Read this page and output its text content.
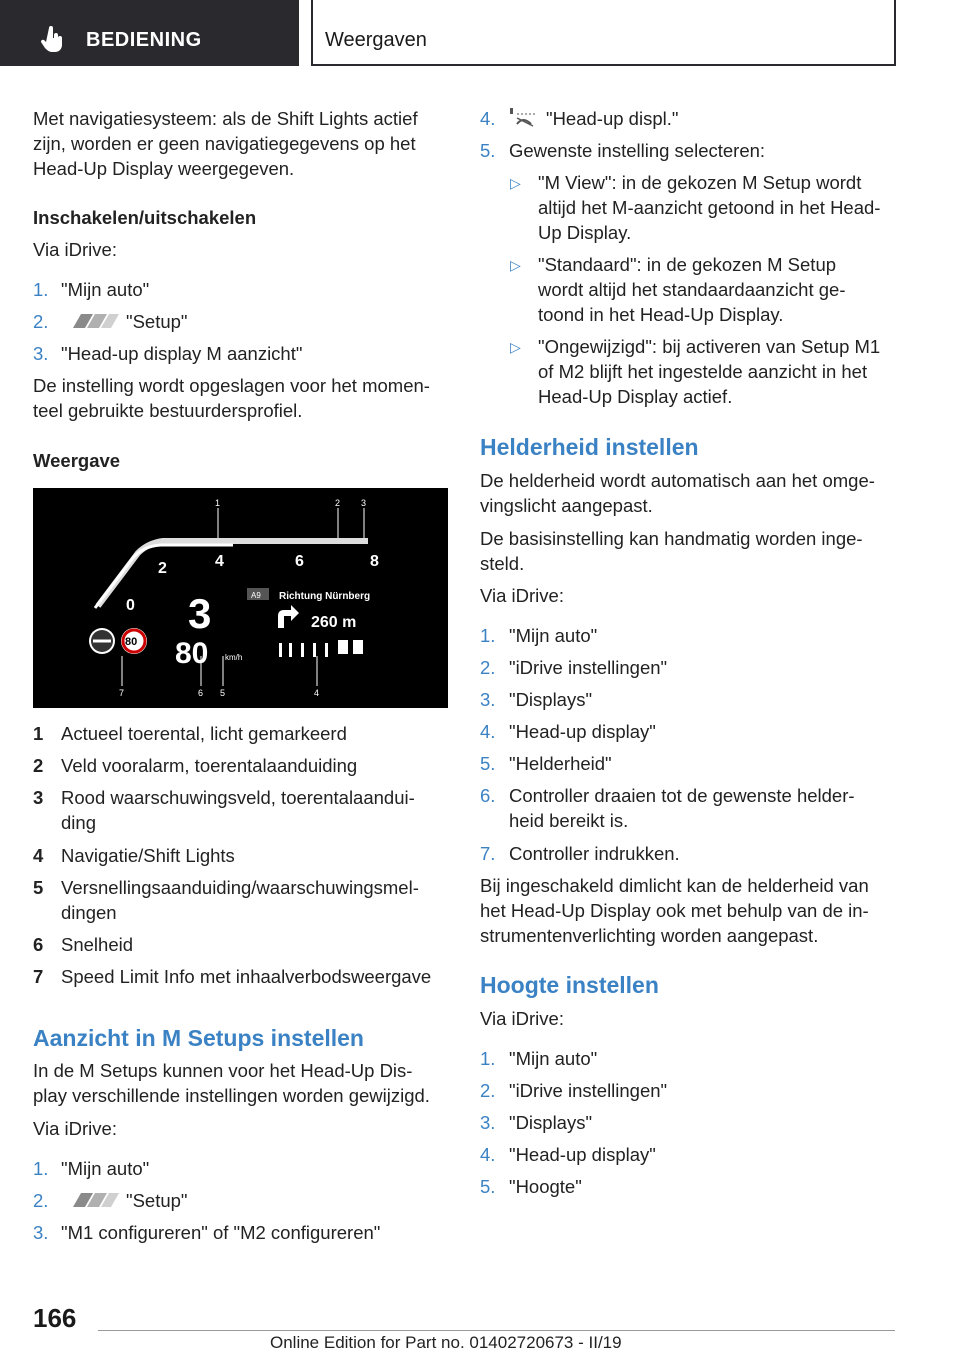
BEDIENING	Weergaven
Met navigatiesysteem: als de Shift Lights actief
zijn, worden er geen navigatiegegevens op het
Head-Up Display weergegeven.
Inschakelen/uitschakelen
Via iDrive:
1. "Mijn auto"
2.	"Setup"
3. "Head-up display M aanzicht"
De instelling wordt opgeslagen voor het momen-
teel gebruikte bestuurdersprofiel.
Weergave
1	2 3
0
2	4	6	8
3
80 km/h
A9 Richtung Nürnberg
260 m
80
7	6 5	4
1 Actueel toerental, licht gemarkeerd
2 Veld vooralarm, toerentalaanduiding
3 Rood waarschuwingsveld, toerentalaandui-
ding
4 Navigatie/Shift Lights
5 Versnellingsaanduiding/waarschuwingsmel-
dingen
6 Snelheid
7 Speed Limit Info met inhaalverbodsweergave
Aanzicht in M Setups instellen
In de M Setups kunnen voor het Head-Up Dis-
play verschillende instellingen worden gewijzigd.
Via iDrive:
1. "Mijn auto"
2.	"Setup"
3. "M1 configureren" of "M2 configureren"
4.	"Head-up displ."
5. Gewenste instelling selecteren:
▷ "M View": in de gekozen M Setup wordt
altijd het M-aanzicht getoond in het Head-
Up Display.
▷ "Standaard": in de gekozen M Setup
wordt altijd het standaardaanzicht ge-
toond in het Head-Up Display.
▷ "Ongewijzigd": bij activeren van Setup M1
of M2 blijft het ingestelde aanzicht in het
Head-Up Display actief.
Helderheid instellen
De helderheid wordt automatisch aan het omge-
vingslicht aangepast.
De basisinstelling kan handmatig worden inge-
steld.
Via iDrive:
1. "Mijn auto"
2. "iDrive instellingen"
3. "Displays"
4. "Head-up display"
5. "Helderheid"
6. Controller draaien tot de gewenste helder-
heid bereikt is.
7. Controller indrukken.
Bij ingeschakeld dimlicht kan de helderheid van
het Head-Up Display ook met behulp van de in-
strumentenverlichting worden aangepast.
Hoogte instellen
Via iDrive:
1. "Mijn auto"
2. "iDrive instellingen"
3. "Displays"
4. "Head-up display"
5. "Hoogte"
166
Online Edition for Part no. 01402720673 - II/19
